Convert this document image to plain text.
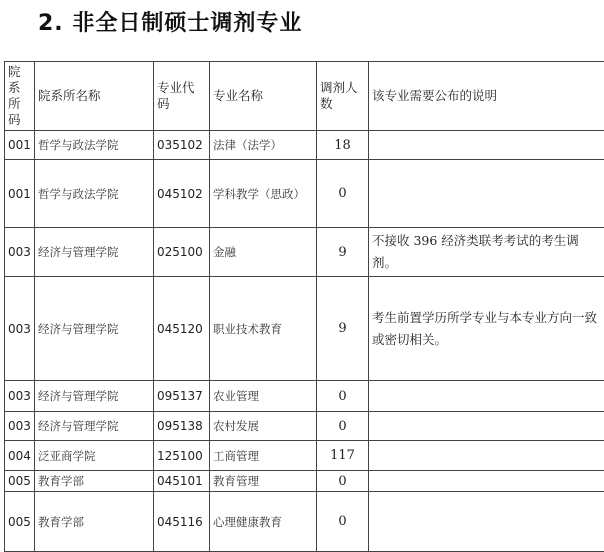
2. 非全日制硕士调剂专业
院系所码	院系所名称	专业代码	专业名称	调剂人数	该专业需要公布的说明
001	哲学与政法学院	035102	法律（法学）	18	
001	哲学与政法学院	045102	学科教学（思政）	0	
003	经济与管理学院	025100	金融	9	不接收 396 经济类联考考试的考生调剂。
003	经济与管理学院	045120	职业技术教育	9	考生前置学历所学专业与本专业方向一致或密切相关。
003	经济与管理学院	095137	农业管理	0	
003	经济与管理学院	095138	农村发展	0	
004	泛亚商学院	125100	工商管理	117	
005	教育学部	045101	教育管理	0	
005	教育学部	045116	心理健康教育	0	
